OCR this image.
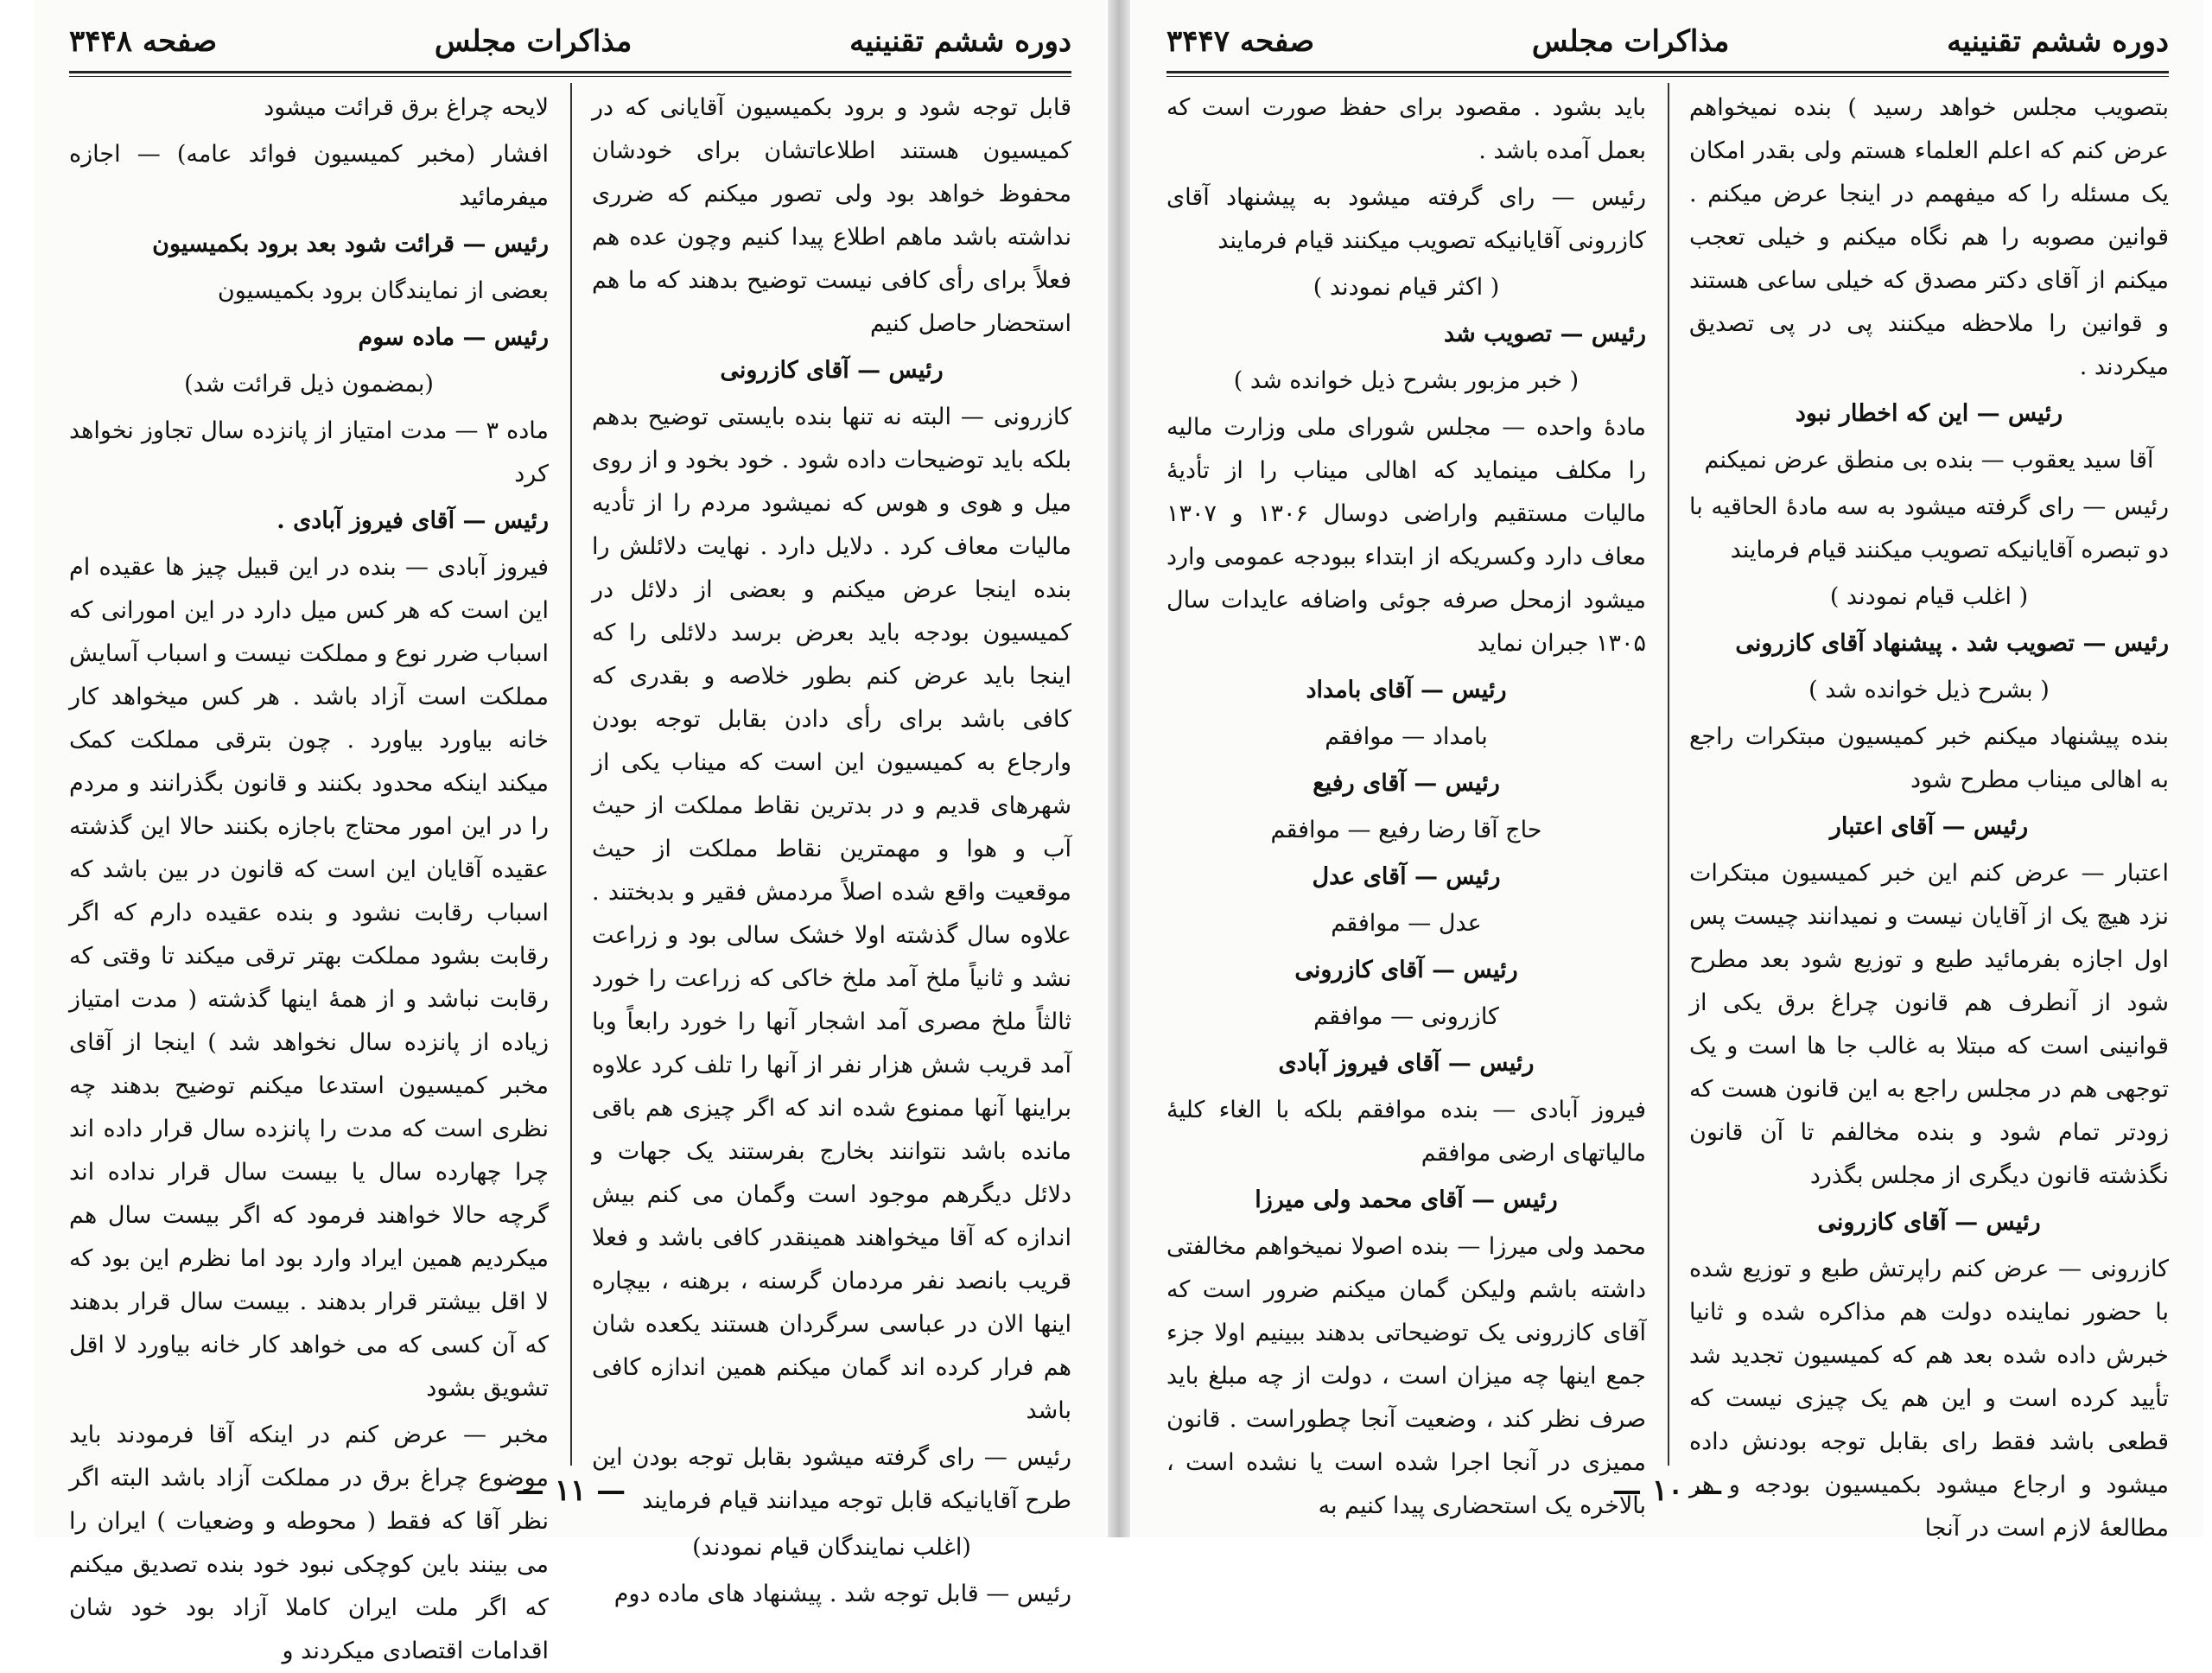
دوره ششم تقنینیه
مذاکرات مجلس
صفحه ۳۴۴۸

قابل توجه شود و برود بکمیسیون آقایانی که در کمیسیون هستند اطلاعاتشان برای خودشان محفوظ خواهد بود ولی تصور میکنم که ضرری نداشته باشد ماهم اطلاع پیدا کنیم وچون عده هم فعلاً برای رأی کافی نیست توضیح بدهند که ما هم استحضار حاصل کنیم

رئیس — آقای کازرونی

کازرونی — البته نه تنها بنده بایستی توضیح بدهم بلکه باید توضیحات داده شود . خود بخود و از روی میل و هوی و هوس که نمیشود مردم را از تأدیه مالیات معاف کرد . دلایل دارد . نهایت دلائلش را بنده اینجا عرض میکنم و بعضی از دلائل در کمیسیون بودجه باید بعرض برسد دلائلی را که اینجا باید عرض کنم بطور خلاصه و بقدری که کافی باشد برای رأی دادن بقابل توجه بودن وارجاع به کمیسیون این است که میناب یکی از شهرهای قدیم و در بدترین نقاط مملکت از حیث آب و هوا و مهمترین نقاط مملکت از حیث موقعیت واقع شده اصلاً مردمش فقیر و بدبختند . علاوه سال گذشته اولا خشک سالی بود و زراعت نشد و ثانیاً ملخ آمد ملخ خاکی که زراعت را خورد ثالثاً ملخ مصری آمد اشجار آنها را خورد رابعاً وبا آمد قریب شش هزار نفر از آنها را تلف کرد علاوه براینها آنها ممنوع شده اند که اگر چیزی هم باقی مانده باشد نتوانند بخارج بفرستند یک جهات و دلائل دیگرهم موجود است وگمان می کنم بیش اندازه که آقا میخواهند همینقدر کافی باشد و فعلا قریب بانصد نفر مردمان گرسنه ، برهنه ، بیچاره اینها الان در عباسی سرگردان هستند یکعده شان هم فرار کرده اند گمان میکنم همین اندازه کافی باشد

رئیس — رای گرفته میشود بقابل توجه بودن این طرح آقایانیکه قابل توجه میدانند قیام فرمایند

(اغلب نمایندگان قیام نمودند)

رئیس — قابل توجه شد . پیشنهاد های ماده دوم

لایحه چراغ برق قرائت میشود

افشار (مخبر کمیسیون فوائد عامه) — اجازه میفرمائید

رئیس — قرائت شود بعد برود بکمیسیون

بعضی از نمایندگان برود بکمیسیون

رئیس — ماده سوم

(بمضمون ذیل قرائت شد)

ماده ۳ — مدت امتیاز از پانزده سال تجاوز نخواهد کرد

رئیس — آقای فیروز آبادی .

فیروز آبادی — بنده در این قبیل چیز ها عقیده ام این است که هر کس میل دارد در این امورانی که اسباب ضرر نوع و مملکت نیست و اسباب آسایش مملکت است آزاد باشد . هر کس میخواهد کار خانه بیاورد بیاورد . چون بترقی مملکت کمک میکند اینکه محدود بکنند و قانون بگذرانند و مردم را در این امور محتاج باجازه بکنند حالا این گذشته عقیده آقایان این است که قانون در بین باشد که اسباب رقابت نشود و بنده عقیده دارم که اگر رقابت بشود مملکت بهتر ترقی میکند تا وقتی که رقابت نباشد و از همهٔ اینها گذشته ( مدت امتیاز زیاده از پانزده سال نخواهد شد ) اینجا از آقای مخبر کمیسیون استدعا میکنم توضیح بدهند چه نظری است که مدت را پانزده سال قرار داده اند چرا چهارده سال یا بیست سال قرار نداده اند گرچه حالا خواهند فرمود که اگر بیست سال هم میکردیم همین ایراد وارد بود اما نظرم این بود که لا اقل بیشتر قرار بدهند . بیست سال قرار بدهند که آن کسی که می خواهد کار خانه بیاورد لا اقل تشویق بشود

مخبر — عرض کنم در اینکه آقا فرمودند باید موضوع چراغ برق در مملکت آزاد باشد البته اگر نظر آقا که فقط ( محوطه و وضعیات ) ایران را می بینند باین کوچکی نبود خود بنده تصدیق میکنم که اگر ملت ایران کاملا آزاد بود خود شان اقدامات اقتصادی میکردند و

— ۱۱ —
دوره ششم تقنینیه
مذاکرات مجلس
صفحه ۳۴۴۷

بتصویب مجلس خواهد رسید ) بنده نمیخواهم عرض کنم که اعلم العلماء هستم ولی بقدر امکان یک مسئله را که میفهمم در اینجا عرض میکنم . قوانین مصوبه را هم نگاه میکنم و خیلی تعجب میکنم از آقای دکتر مصدق که خیلی ساعی هستند و قوانین را ملاحظه میکنند پی در پی تصدیق میکردند .

رئیس — این که اخطار نبود

آقا سید یعقوب — بنده بی منطق عرض نمیکنم

رئیس — رای گرفته میشود به سه مادهٔ الحاقیه با دو تبصره آقایانیکه تصویب میکنند قیام فرمایند

( اغلب قیام نمودند )

رئیس — تصویب شد . پیشنهاد آقای کازرونی

( بشرح ذیل خوانده شد )

بنده پیشنهاد میکنم خبر کمیسیون مبتکرات راجع به اهالی میناب مطرح شود

رئیس — آقای اعتبار

اعتبار — عرض کنم این خبر کمیسیون مبتکرات نزد هیچ یک از آقایان نیست و نمیدانند چیست پس اول اجازه بفرمائید طبع و توزیع شود بعد مطرح شود از آنطرف هم قانون چراغ برق یکی از قوانینی است که مبتلا به غالب جا ها است و یک توجهی هم در مجلس راجع به این قانون هست که زودتر تمام شود و بنده مخالفم تا آن قانون نگذشته قانون دیگری از مجلس بگذرد

رئیس — آقای کازرونی

کازرونی — عرض کنم راپرتش طبع و توزیع شده با حضور نماینده دولت هم مذاکره شده و ثانیا خبرش داده شده بعد هم که کمیسیون تجدید شد تأیید کرده است و این هم یک چیزی نیست که قطعی باشد فقط رای بقابل توجه بودنش داده میشود و ارجاع میشود بکمیسیون بودجه و هر مطالعهٔ لازم است در آنجا

باید بشود . مقصود برای حفظ صورت است که بعمل آمده باشد .

رئیس — رای گرفته میشود به پیشنهاد آقای کازرونی آقایانیکه تصویب میکنند قیام فرمایند

( اکثر قیام نمودند )

رئیس — تصویب شد

( خبر مزبور بشرح ذیل خوانده شد )

مادهٔ واحده — مجلس شورای ملی وزارت مالیه را مکلف مینماید که اهالی میناب را از تأدیهٔ مالیات مستقیم واراضی دوسال ۱۳۰۶ و ۱۳۰۷ معاف دارد وکسریکه از ابتداء ببودجه عمومی وارد میشود ازمحل صرفه جوئی واضافه عایدات سال ۱۳۰۵ جبران نماید

رئیس — آقای بامداد

بامداد — موافقم

رئیس — آقای رفیع

حاج آقا رضا رفیع — موافقم

رئیس — آقای عدل

عدل — موافقم

رئیس — آقای کازرونی

کازرونی — موافقم

رئیس — آقای فیروز آبادی

فیروز آبادی — بنده موافقم بلکه با الغاء کلیهٔ مالیاتهای ارضی موافقم

رئیس — آقای محمد ولی میرزا

محمد ولی میرزا — بنده اصولا نمیخواهم مخالفتی داشته باشم ولیکن گمان میکنم ضرور است که آقای کازرونی یک توضیحاتی بدهند ببینیم اولا جزء جمع اینها چه میزان است ، دولت از چه مبلغ باید صرف نظر کند ، وضعیت آنجا چطوراست . قانون ممیزی در آنجا اجرا شده است یا نشده است ، بالاخره یک استحضاری پیدا کنیم به

— ۱۰ —
